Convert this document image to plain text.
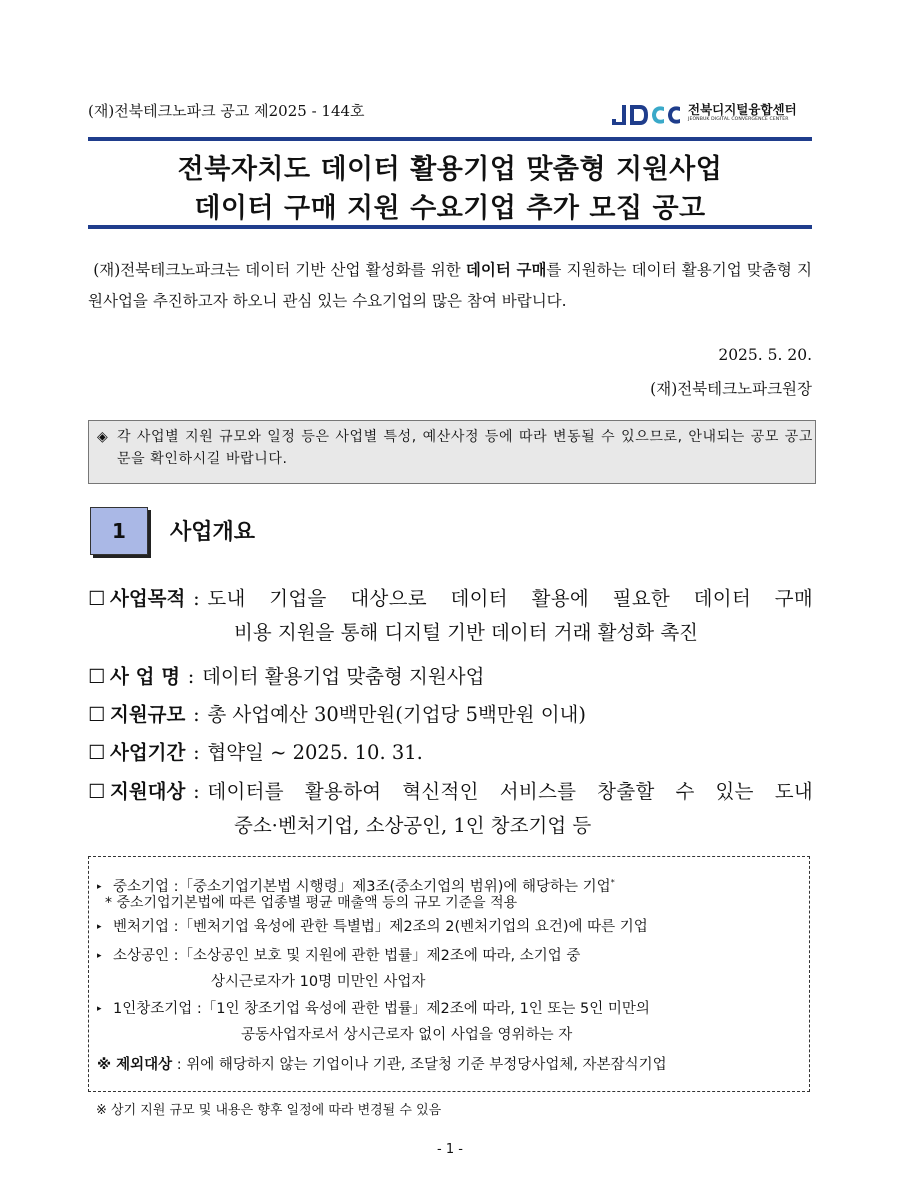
(재)전북테크노파크 공고 제2025 - 144호	전북디지털융합센터
JEONBUK DIGITAL CONVERGENCE CENTER
전북자치도 데이터 활용기업 맞춤형 지원사업
데이터 구매 지원 수요기업 추가 모집 공고

(재)전북테크노파크는 데이터 기반 산업 활성화를 위한 데이터 구매를 지원하는 데이터 활용기업 맞춤형 지원사업을 추진하고자 하오니 관심 있는 수요기업의 많은 참여 바랍니다.

2025. 5. 20.
(재)전북테크노파크원장
◈ 각 사업별 지원 규모와 일정 등은 사업별 특성, 예산사정 등에 따라 변동될 수 있으므로, 안내되는 공모 공고문을 확인하시길 바랍니다.
1	사업개요
☐ 사업목적 : 도내 기업을 대상으로 데이터 활용에 필요한 데이터 구매
비용 지원을 통해 디지털 기반 데이터 거래 활성화 촉진
☐ 사 업 명 : 데이터 활용기업 맞춤형 지원사업
☐ 지원규모 : 총 사업예산 30백만원(기업당 5백만원 이내)
☐ 사업기간 : 협약일 ~ 2025. 10. 31.
☐ 지원대상 : 데이터를 활용하여 혁신적인 서비스를 창출할 수 있는 도내
중소·벤처기업, 소상공인, 1인 창조기업 등
▸ 중소기업 :「중소기업기본법 시행령」제3조(중소기업의 범위)에 해당하는 기업*
* 중소기업기본법에 따른 업종별 평균 매출액 등의 규모 기준을 적용
▸ 벤처기업 :「벤처기업 육성에 관한 특별법」제2조의 2(벤처기업의 요건)에 따른 기업
▸ 소상공인 :「소상공인 보호 및 지원에 관한 법률」제2조에 따라, 소기업 중
상시근로자가 10명 미만인 사업자
▸ 1인창조기업 :「1인 창조기업 육성에 관한 법률」제2조에 따라, 1인 또는 5인 미만의
공동사업자로서 상시근로자 없이 사업을 영위하는 자
※ 제외대상 : 위에 해당하지 않는 기업이나 기관, 조달청 기준 부정당사업체, 자본잠식기업
※ 상기 지원 규모 및 내용은 향후 일정에 따라 변경될 수 있음
- 1 -
